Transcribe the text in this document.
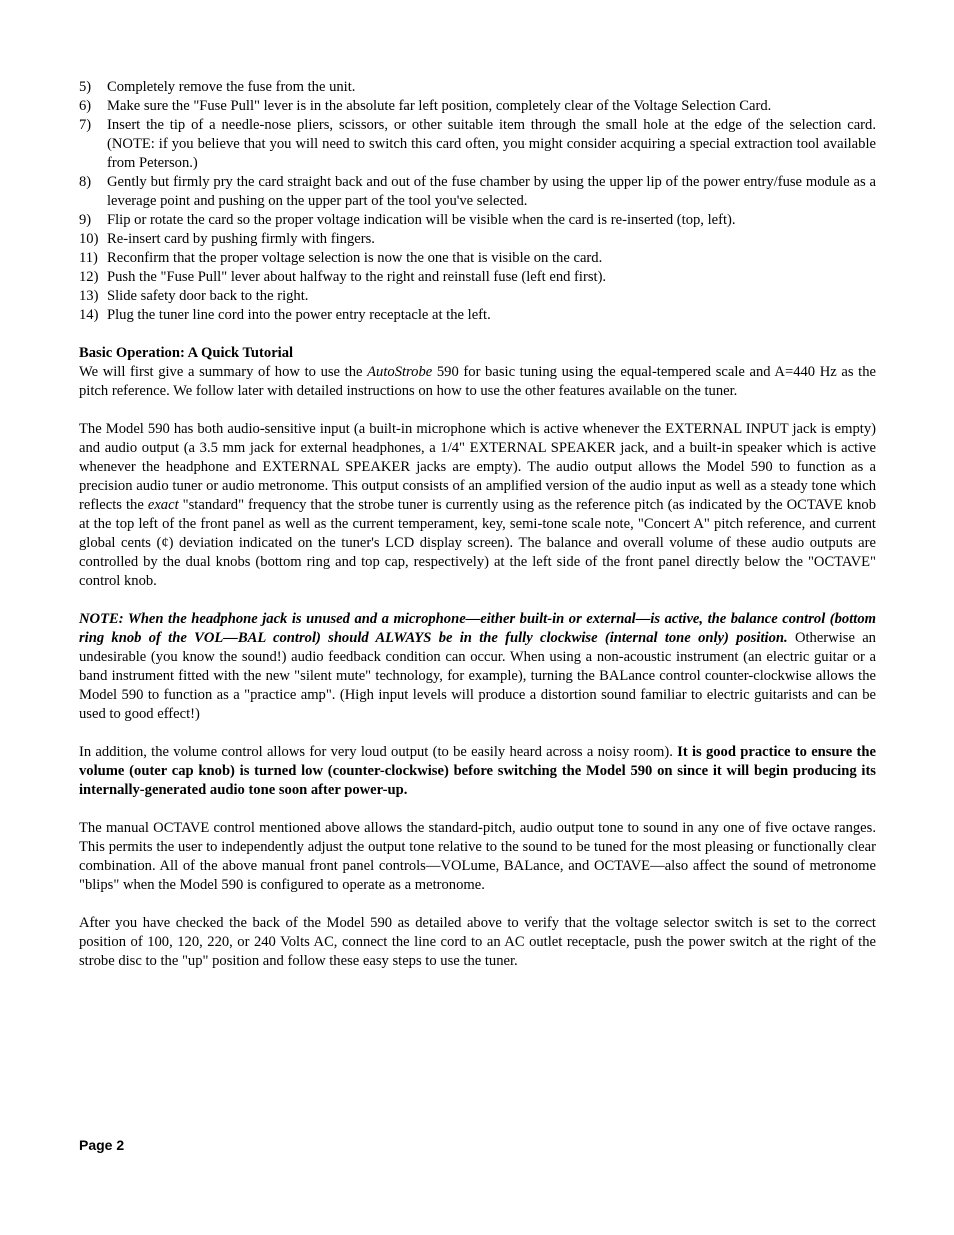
5)	Completely remove the fuse from the unit.
6)	Make sure the "Fuse Pull" lever is in the absolute far left position, completely clear of the Voltage Selection Card.
7)	Insert the tip of a needle-nose pliers, scissors, or other suitable item through the small hole at the edge of the selection card. (NOTE: if you believe that you will need to switch this card often, you might consider acquiring a special extraction tool available from Peterson.)
8)	Gently but firmly pry the card straight back and out of the fuse chamber by using the upper lip of the power entry/fuse module as a leverage point and pushing on the upper part of the tool you've selected.
9)	Flip or rotate the card so the proper voltage indication will be visible when the card is re-inserted (top, left).
10) Re-insert card by pushing firmly with fingers.
11) Reconfirm that the proper voltage selection is now the one that is visible on the card.
12) Push the "Fuse Pull" lever about halfway to the right and reinstall fuse (left end first).
13) Slide safety door back to the right.
14) Plug the tuner line cord into the power entry receptacle at the left.
Basic Operation: A Quick Tutorial

We will first give a summary of how to use the AutoStrobe 590 for basic tuning using the equal-tempered scale and A=440 Hz as the pitch reference. We follow later with detailed instructions on how to use the other features available on the tuner.

The Model 590 has both audio-sensitive input (a built-in microphone which is active whenever the EXTERNAL INPUT jack is empty) and audio output (a 3.5 mm jack for external headphones, a 1/4" EXTERNAL SPEAKER jack, and a built-in speaker which is active whenever the headphone and EXTERNAL SPEAKER jacks are empty). The audio output allows the Model 590 to function as a precision audio tuner or audio metronome. This output consists of an amplified version of the audio input as well as a steady tone which reflects the exact "standard" frequency that the strobe tuner is currently using as the reference pitch (as indicated by the OCTAVE knob at the top left of the front panel as well as the current temperament, key, semi-tone scale note, "Concert A" pitch reference, and current global cents (¢) deviation indicated on the tuner's LCD display screen). The balance and overall volume of these audio outputs are controlled by the dual knobs (bottom ring and top cap, respectively) at the left side of the front panel directly below the "OCTAVE" control knob.

NOTE: When the headphone jack is unused and a microphone—either built-in or external—is active, the balance control (bottom ring knob of the VOL—BAL control) should ALWAYS be in the fully clockwise (internal tone only) position. Otherwise an undesirable (you know the sound!) audio feedback condition can occur. When using a non-acoustic instrument (an electric guitar or a band instrument fitted with the new "silent mute" technology, for example), turning the BALance control counter-clockwise allows the Model 590 to function as a "practice amp". (High input levels will produce a distortion sound familiar to electric guitarists and can be used to good effect!)

In addition, the volume control allows for very loud output (to be easily heard across a noisy room). It is good practice to ensure the volume (outer cap knob) is turned low (counter-clockwise) before switching the Model 590 on since it will begin producing its internally-generated audio tone soon after power-up.

The manual OCTAVE control mentioned above allows the standard-pitch, audio output tone to sound in any one of five octave ranges. This permits the user to independently adjust the output tone relative to the sound to be tuned for the most pleasing or functionally clear combination. All of the above manual front panel controls—VOLume, BALance, and OCTAVE—also affect the sound of metronome "blips" when the Model 590 is configured to operate as a metronome.

After you have checked the back of the Model 590 as detailed above to verify that the voltage selector switch is set to the correct position of 100, 120, 220, or 240 Volts AC, connect the line cord to an AC outlet receptacle, push the power switch at the right of the strobe disc to the "up" position and follow these easy steps to use the tuner.

Page 2
